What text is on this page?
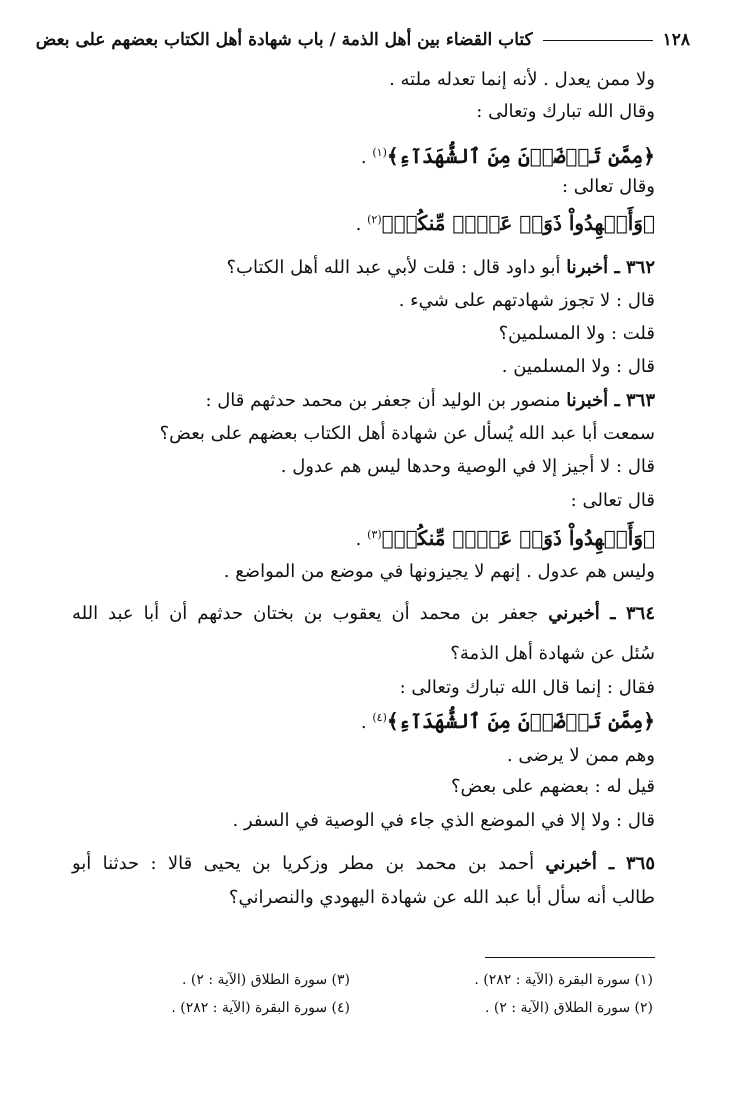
١٢٨
كتاب القضاء بين أهل الذمة / باب شهادة أهل الكتاب بعضهم على بعض
ولا ممن يعدل . لأنه إنما تعدله ملته .
وقال الله تبارك وتعالى :
﴿مِمَّن تَرۡضَوۡنَ مِنَ ٱلشُّهَدَآءِ﴾$^{(١)}$ .
وقال تعالى :
﴿وَأَشۡهِدُواْ ذَوَيۡ عَدۡلٖ مِّنكُمۡ﴾$^{(٢)}$ .
٣٦٢ ـ أخبرنا أبو داود قال : قلت لأبي عبد الله أهل الكتاب؟
قال : لا تجوز شهادتهم على شيء .
قلت : ولا المسلمين؟
قال : ولا المسلمين .
٣٦٣ ـ أخبرنا منصور بن الوليد أن جعفر بن محمد حدثهم قال :
سمعت أبا عبد الله يُسأل عن شهادة أهل الكتاب بعضهم على بعض؟
قال : لا أجيز إلا في الوصية وحدها ليس هم عدول .
قال تعالى :
﴿وَأَشۡهِدُواْ ذَوَيۡ عَدۡلٖ مِّنكُمۡ﴾$^{(٣)}$ .
وليس هم عدول . إنهم لا يجيزونها في موضع من المواضع .
٣٦٤ ـ أخبرني جعفر بن محمد أن يعقوب بن بختان حدثهم أن أبا عبد الله
سُئل عن شهادة أهل الذمة؟
فقال : إنما قال الله تبارك وتعالى :
﴿مِمَّن تَرۡضَوۡنَ مِنَ ٱلشُّهَدَآءِ﴾$^{(٤)}$ .
وهم ممن لا يرضى .
قيل له : بعضهم على بعض؟
قال : ولا إلا في الموضع الذي جاء في الوصية في السفر .
٣٦٥ ـ أخبرني أحمد بن محمد بن مطر وزكريا بن يحيى قالا : حدثنا أبو
طالب أنه سأل أبا عبد الله عن شهادة اليهودي والنصراني؟
(١) سورة البقرة (الآية : ٢٨٢) .
(٢) سورة الطلاق (الآية : ٢) .
(٣) سورة الطلاق (الآية : ٢) .
(٤) سورة البقرة (الآية : ٢٨٢) .
